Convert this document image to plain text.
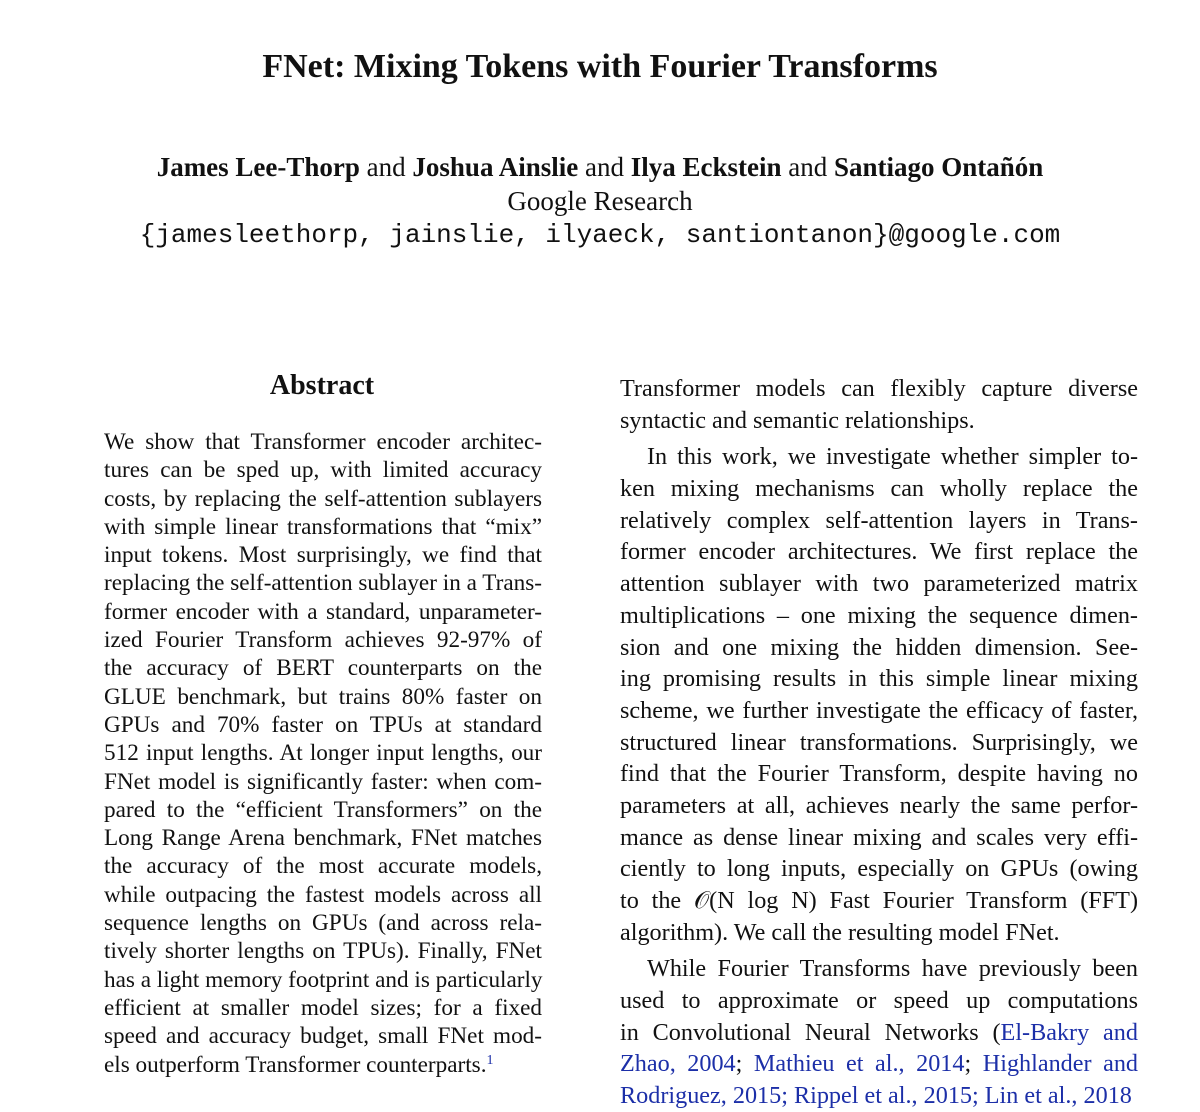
FNet: Mixing Tokens with Fourier Transforms
James Lee-Thorp and Joshua Ainslie and Ilya Eckstein and Santiago Ontañón
Google Research
{jamesleethorp, jainslie, ilyaeck, santiontanon}@google.com
Abstract
We show that Transformer encoder architec-
tures can be sped up, with limited accuracy
costs, by replacing the self-attention sublayers
with simple linear transformations that “mix”
input tokens. Most surprisingly, we find that
replacing the self-attention sublayer in a Trans-
former encoder with a standard, unparameter-
ized Fourier Transform achieves 92-97% of
the accuracy of BERT counterparts on the
GLUE benchmark, but trains 80% faster on
GPUs and 70% faster on TPUs at standard
512 input lengths. At longer input lengths, our
FNet model is significantly faster: when com-
pared to the “efficient Transformers” on the
Long Range Arena benchmark, FNet matches
the accuracy of the most accurate models,
while outpacing the fastest models across all
sequence lengths on GPUs (and across rela-
tively shorter lengths on TPUs). Finally, FNet
has a light memory footprint and is particularly
efficient at smaller model sizes; for a fixed
speed and accuracy budget, small FNet mod-
els outperform Transformer counterparts.$^1$
Transformer models can flexibly capture diverse
syntactic and semantic relationships.
In this work, we investigate whether simpler to-
ken mixing mechanisms can wholly replace the
relatively complex self-attention layers in Trans-
former encoder architectures. We first replace the
attention sublayer with two parameterized matrix
multiplications – one mixing the sequence dimen-
sion and one mixing the hidden dimension. See-
ing promising results in this simple linear mixing
scheme, we further investigate the efficacy of faster,
structured linear transformations. Surprisingly, we
find that the Fourier Transform, despite having no
parameters at all, achieves nearly the same perfor-
mance as dense linear mixing and scales very effi-
ciently to long inputs, especially on GPUs (owing
to the 𝒪(N log N) Fast Fourier Transform (FFT)
algorithm). We call the resulting model FNet.
While Fourier Transforms have previously been
used to approximate or speed up computations
in Convolutional Neural Networks (El-Bakry and
Zhao, 2004; Mathieu et al., 2014; Highlander and
Rodriguez, 2015; Rippel et al., 2015; Lin et al., 2018
